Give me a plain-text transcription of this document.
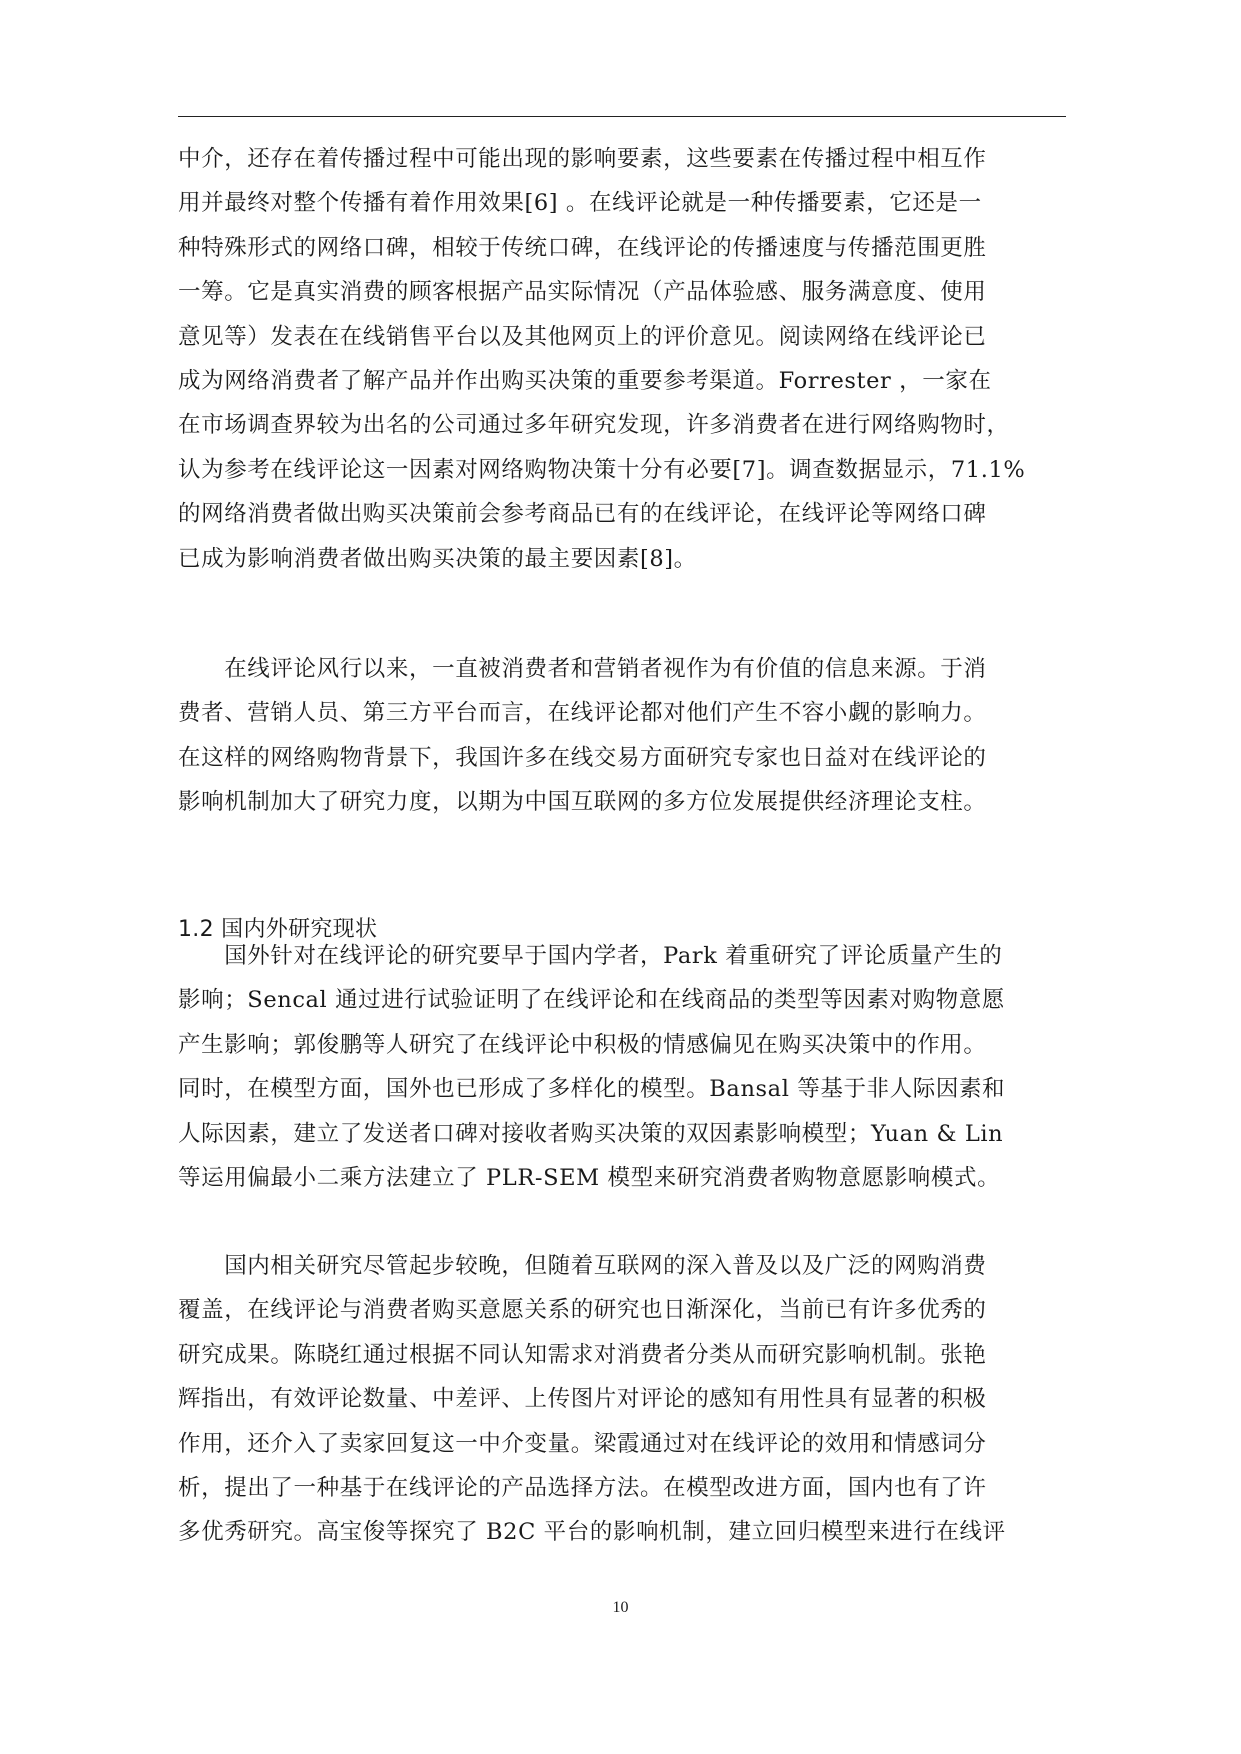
中介，还存在着传播过程中可能出现的影响要素，这些要素在传播过程中相互作
用并最终对整个传播有着作用效果[6] 。在线评论就是一种传播要素，它还是一
种特殊形式的网络口碑，相较于传统口碑，在线评论的传播速度与传播范围更胜
一筹。它是真实消费的顾客根据产品实际情况（产品体验感、服务满意度、使用
意见等）发表在在线销售平台以及其他网页上的评价意见。阅读网络在线评论已
成为网络消费者了解产品并作出购买决策的重要参考渠道。Forrester ，一家在
在市场调查界较为出名的公司通过多年研究发现，许多消费者在进行网络购物时，
认为参考在线评论这一因素对网络购物决策十分有必要[7]。调查数据显示，71.1%
的网络消费者做出购买决策前会参考商品已有的在线评论，在线评论等网络口碑
已成为影响消费者做出购买决策的最主要因素[8]。
　　在线评论风行以来，一直被消费者和营销者视作为有价值的信息来源。于消
费者、营销人员、第三方平台而言，在线评论都对他们产生不容小觑的影响力。
在这样的网络购物背景下，我国许多在线交易方面研究专家也日益对在线评论的
影响机制加大了研究力度，以期为中国互联网的多方位发展提供经济理论支柱。
1.2 国内外研究现状
　　国外针对在线评论的研究要早于国内学者，Park 着重研究了评论质量产生的
影响；Sencal 通过进行试验证明了在线评论和在线商品的类型等因素对购物意愿
产生影响；郭俊鹏等人研究了在线评论中积极的情感偏见在购买决策中的作用。
同时，在模型方面，国外也已形成了多样化的模型。Bansal 等基于非人际因素和
人际因素，建立了发送者口碑对接收者购买决策的双因素影响模型；Yuan & Lin
等运用偏最小二乘方法建立了 PLR-SEM 模型来研究消费者购物意愿影响模式。
　　国内相关研究尽管起步较晚，但随着互联网的深入普及以及广泛的网购消费
覆盖，在线评论与消费者购买意愿关系的研究也日渐深化，当前已有许多优秀的
研究成果。陈晓红通过根据不同认知需求对消费者分类从而研究影响机制。张艳
辉指出，有效评论数量、中差评、上传图片对评论的感知有用性具有显著的积极
作用，还介入了卖家回复这一中介变量。梁霞通过对在线评论的效用和情感词分
析，提出了一种基于在线评论的产品选择方法。在模型改进方面，国内也有了许
多优秀研究。高宝俊等探究了 B2C 平台的影响机制，建立回归模型来进行在线评
10
